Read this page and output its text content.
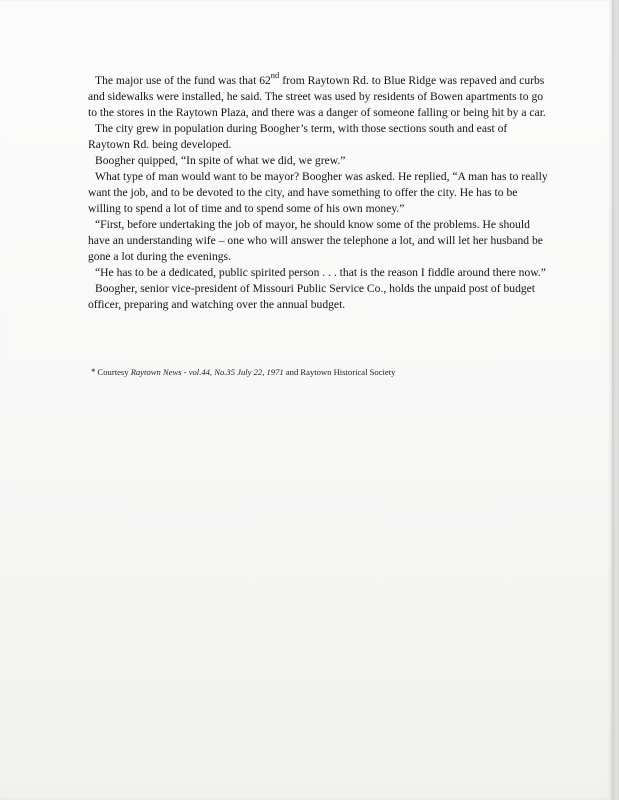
The major use of the fund was that 62nd from Raytown Rd. to Blue Ridge was repaved and curbs and sidewalks were installed, he said. The street was used by residents of Bowen apartments to go to the stores in the Raytown Plaza, and there was a danger of someone falling or being hit by a car.

The city grew in population during Boogher’s term, with those sections south and east of Raytown Rd. being developed.

Boogher quipped, “In spite of what we did, we grew.”

What type of man would want to be mayor? Boogher was asked. He replied, “A man has to really want the job, and to be devoted to the city, and have something to offer the city. He has to be willing to spend a lot of time and to spend some of his own money.”

“First, before undertaking the job of mayor, he should know some of the problems. He should have an understanding wife – one who will answer the telephone a lot, and will let her husband be gone a lot during the evenings.

“He has to be a dedicated, public spirited person . . . that is the reason I fiddle around there now.”

Boogher, senior vice-president of Missouri Public Service Co., holds the unpaid post of budget officer, preparing and watching over the annual budget.

* Courtesy Raytown News - vol.44, No.35 July 22, 1971 and Raytown Historical Society
